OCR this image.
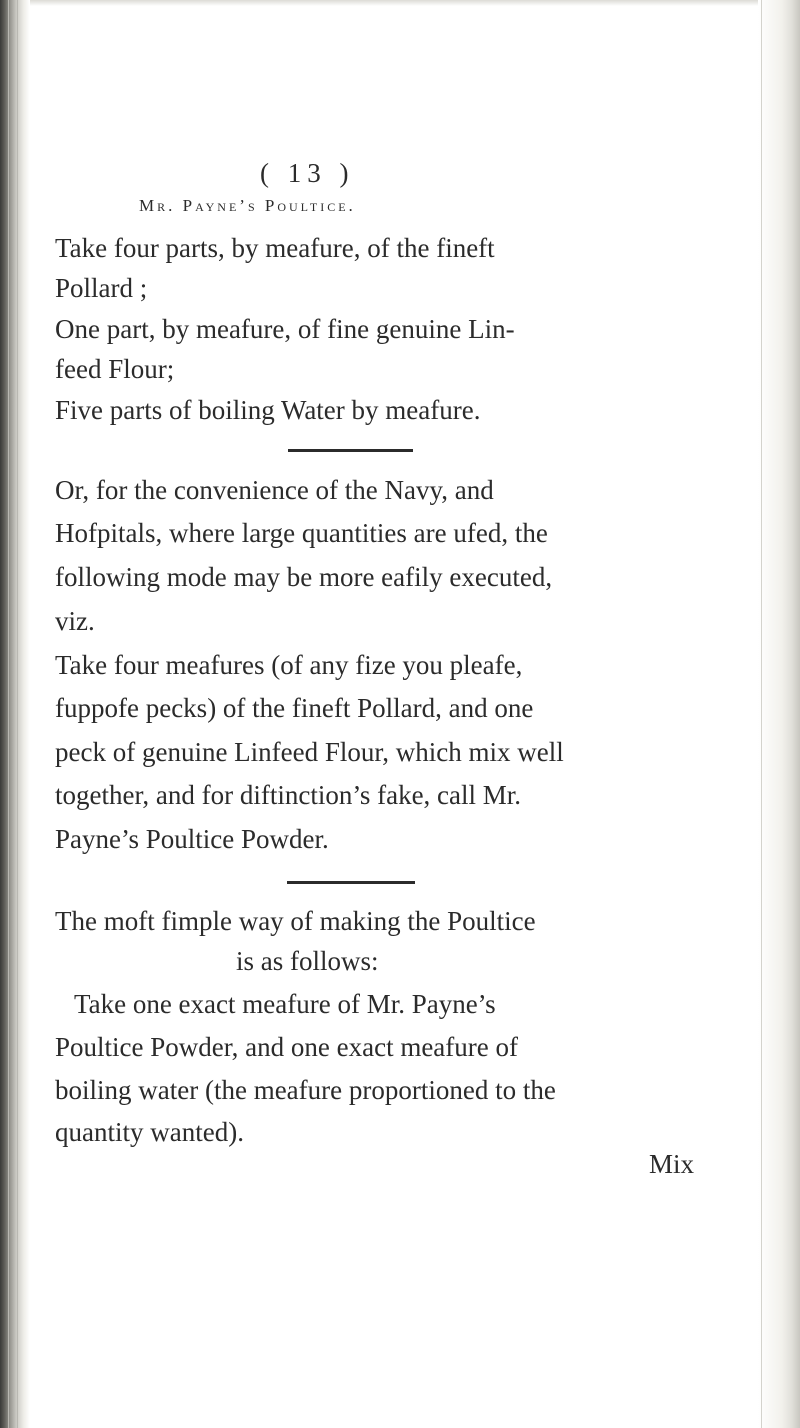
( 13 )
Mr. Payne’s Poultice.
Take four parts, by meafure, of the fineft
Pollard ;
One part, by meafure, of fine genuine Lin-
feed Flour;
Five parts of boiling Water by meafure.
Or, for the convenience of the Navy, and
Hofpitals, where large quantities are ufed, the
following mode may be more eafily executed,
viz.
Take four meafures (of any fize you pleafe,
fuppofe pecks) of the fineft Pollard, and one
peck of genuine Linfeed Flour, which mix well
together, and for diftinction’s fake, call Mr.
Payne’s Poultice Powder.
The moft fimple way of making the Poultice
is as follows:
Take one exact meafure of Mr. Payne’s
Poultice Powder, and one exact meafure of
boiling water (the meafure proportioned to the
quantity wanted).
Mix
